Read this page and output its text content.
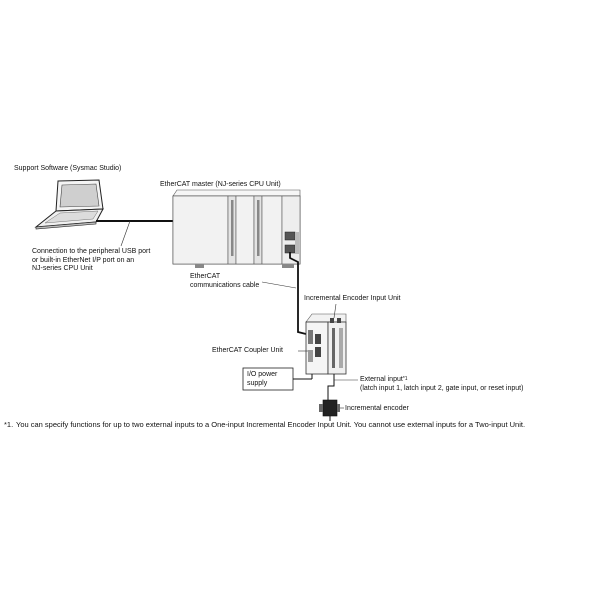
Support Software (Sysmac Studio)
EtherCAT master (NJ-series CPU Unit)
Connection to the peripheral USB port
or built-in EtherNet I/P port on an
NJ-series CPU Unit
EtherCAT
communications cable
Incremental Encoder Input Unit
EtherCAT Coupler Unit
I/O power
supply	External input$^{*1}$
(latch input 1, latch input 2, gate input, or reset input)
Incremental encoder
*1. You can specify functions for up to two external inputs to a One-input Incremental Encoder Input Unit. You cannot use external inputs for a Two-input Unit.
